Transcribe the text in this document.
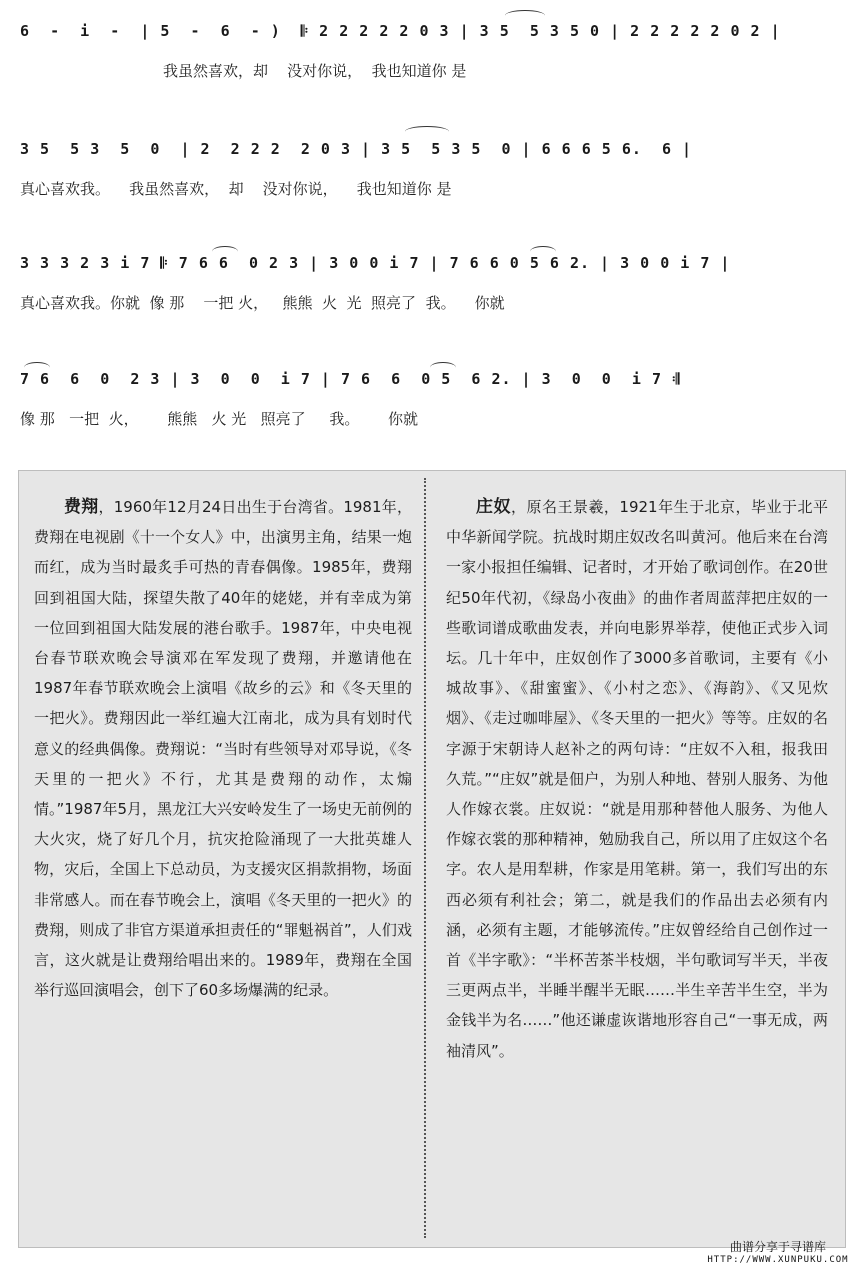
6  -  i  -  | 5  -  6  - )  𝄆 2 2 2 2 2 0 3 | 3 5  5 3 5 0 | 2 2 2 2 2 0 2 |
我虽然喜欢，却    没对你说，  我也知道你 是
3 5  5 3  5  0  | 2  2 2 2  2 0 3 | 3 5  5 3 5  0 | 6 6 6 5 6.  6 |
真心喜欢我。    我虽然喜欢，  却    没对你说，    我也知道你 是
3 3 3 2 3 i 7 𝄆 7 6 6  0 2 3 | 3 0 0 i 7 | 7 6 6 0 5 6 2. | 3 0 0 i 7 |
真心喜欢我。你就  像 那    一把 火，   熊熊  火  光  照亮了  我。    你就
7 6  6  0  2 3 | 3  0  0  i 7 | 7 6  6  0 5  6 2. | 3  0  0  i 7 𝄇
像 那   一把  火，      熊熊   火 光   照亮了     我。      你就
费翔，1960年12月24日出生于台湾省。1981年，费翔在电视剧《十一个女人》中，出演男主角，结果一炮而红，成为当时最炙手可热的青春偶像。1985年，费翔回到祖国大陆，探望失散了40年的姥姥，并有幸成为第一位回到祖国大陆发展的港台歌手。1987年，中央电视台春节联欢晚会导演邓在军发现了费翔，并邀请他在1987年春节联欢晚会上演唱《故乡的云》和《冬天里的一把火》。费翔因此一举红遍大江南北，成为具有划时代意义的经典偶像。费翔说：“当时有些领导对邓导说，《冬天里的一把火》不行，尤其是费翔的动作，太煽情。”1987年5月，黑龙江大兴安岭发生了一场史无前例的大火灾，烧了好几个月，抗灾抢险涌现了一大批英雄人物，灾后，全国上下总动员，为支援灾区捐款捐物，场面非常感人。而在春节晚会上，演唱《冬天里的一把火》的费翔，则成了非官方渠道承担责任的“罪魁祸首”，人们戏言，这火就是让费翔给唱出来的。1989年，费翔在全国举行巡回演唱会，创下了60多场爆满的纪录。
庄奴，原名王景羲，1921年生于北京，毕业于北平中华新闻学院。抗战时期庄奴改名叫黄河。他后来在台湾一家小报担任编辑、记者时，才开始了歌词创作。在20世纪50年代初，《绿岛小夜曲》的曲作者周蓝萍把庄奴的一些歌词谱成歌曲发表，并向电影界举荐，使他正式步入词坛。几十年中，庄奴创作了3000多首歌词，主要有《小城故事》、《甜蜜蜜》、《小村之恋》、《海韵》、《又见炊烟》、《走过咖啡屋》、《冬天里的一把火》等等。庄奴的名字源于宋朝诗人赵补之的两句诗：“庄奴不入租，报我田久荒。”“庄奴”就是佃户，为别人种地、替别人服务、为他人作嫁衣裳。庄奴说：“就是用那种替他人服务、为他人作嫁衣裳的那种精神，勉励我自己，所以用了庄奴这个名字。农人是用犁耕，作家是用笔耕。第一，我们写出的东西必须有利社会；第二，就是我们的作品出去必须有内涵，必须有主题，才能够流传。”庄奴曾经给自己创作过一首《半字歌》：“半杯苦茶半枝烟，半句歌词写半天，半夜三更两点半，半睡半醒半无眠……半生辛苦半生空，半为金钱半为名……”他还谦虚诙谐地形容自己“一事无成，两袖清风”。
曲谱分享于寻谱库
HTTP://WWW.XUNPUKU.COM
